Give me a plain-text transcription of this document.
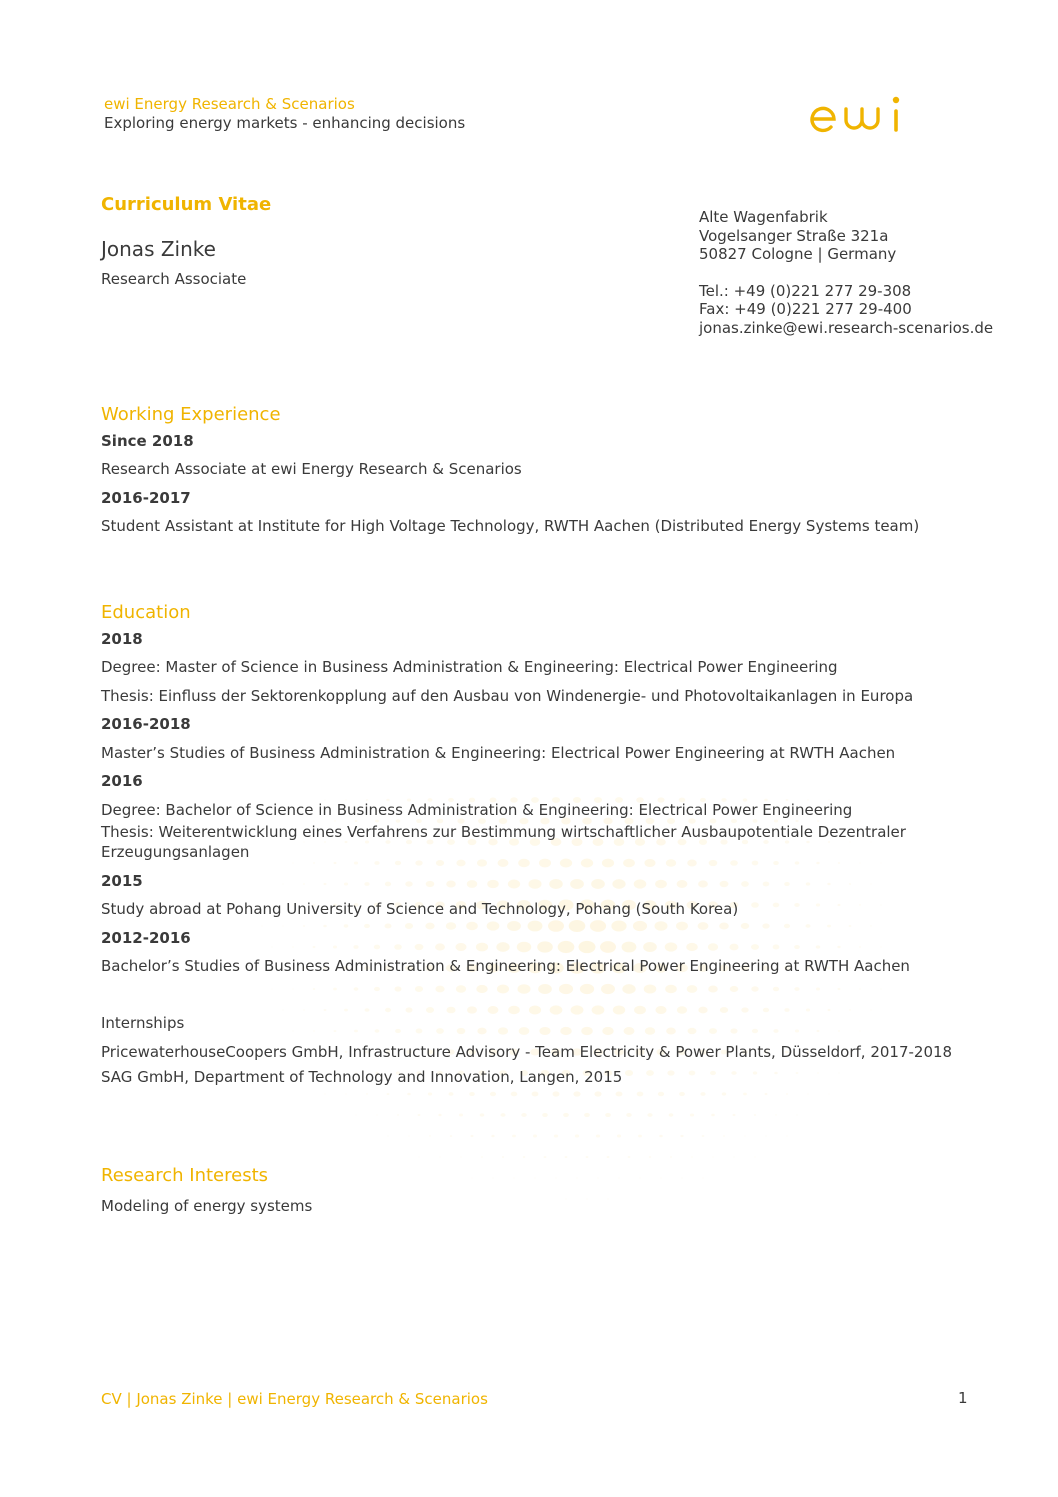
ewi Energy Research & Scenarios
Exploring energy markets - enhancing decisions
Curriculum Vitae
Jonas Zinke
Research Associate
Alte Wagenfabrik
Vogelsanger Straße 321a
50827 Cologne | Germany
Tel.: +49 (0)221 277 29-308
Fax: +49 (0)221 277 29-400
jonas.zinke@ewi.research-scenarios.de
Working Experience
Since 2018
Research Associate at ewi Energy Research & Scenarios
2016-2017
Student Assistant at Institute for High Voltage Technology, RWTH Aachen (Distributed Energy Systems team)
Education
2018
Degree: Master of Science in Business Administration & Engineering: Electrical Power Engineering
Thesis: Einfluss der Sektorenkopplung auf den Ausbau von Windenergie- und Photovoltaikanlagen in Europa
2016-2018
Master’s Studies of Business Administration & Engineering: Electrical Power Engineering at RWTH Aachen
2016
Degree: Bachelor of Science in Business Administration & Engineering: Electrical Power Engineering
Thesis: Weiterentwicklung eines Verfahrens zur Bestimmung wirtschaftlicher Ausbaupotentiale Dezentraler
Erzeugungsanlagen
2015
Study abroad at Pohang University of Science and Technology, Pohang (South Korea)
2012-2016
Bachelor’s Studies of Business Administration & Engineering: Electrical Power Engineering at RWTH Aachen
Internships
PricewaterhouseCoopers GmbH, Infrastructure Advisory - Team Electricity & Power Plants, Düsseldorf, 2017-2018
SAG GmbH, Department of Technology and Innovation, Langen, 2015
Research Interests
Modeling of energy systems
CV | Jonas Zinke | ewi Energy Research & Scenarios	1
